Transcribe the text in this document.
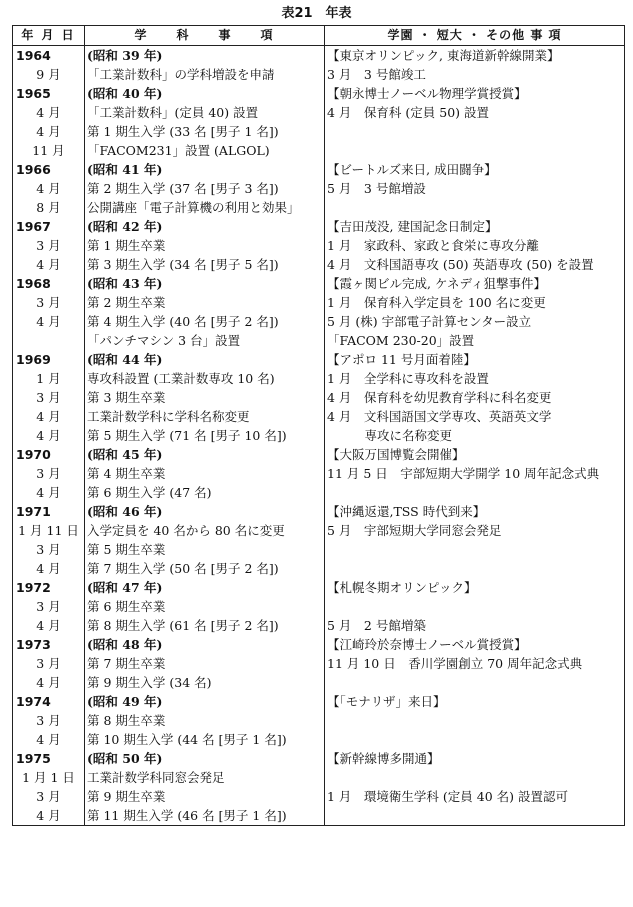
表21　年表
年 月 日	学　　科　　事　　項	学園 ・ 短大 ・ その他 事 項
1964	(昭和 39 年)	【東京オリンピック, 東海道新幹線開業】
9 月	「工業計数科」の学科増設を申請	3 月　3 号館竣工
1965	(昭和 40 年)	【朝永博士ノーベル物理学賞授賞】
4 月	「工業計数科」(定員 40) 設置	4 月　保育科 (定員 50) 設置
4 月	第 1 期生入学 (33 名 [男子 1 名])	
11 月	「FACOM231」設置 (ALGOL)	
1966	(昭和 41 年)	【ビートルズ来日, 成田闘争】
4 月	第 2 期生入学 (37 名 [男子 3 名])	5 月　3 号館増設
8 月	公開講座「電子計算機の利用と効果」	
1967	(昭和 42 年)	【吉田茂没, 建国記念日制定】
3 月	第 1 期生卒業	1 月　家政科、家政と食栄に専攻分離
4 月	第 3 期生入学 (34 名 [男子 5 名])	4 月　文科国語専攻 (50) 英語専攻 (50) を設置
1968	(昭和 43 年)	【霞ヶ関ビル完成, ケネディ狙撃事件】
3 月	第 2 期生卒業	1 月　保育科入学定員を 100 名に変更
4 月	第 4 期生入学 (40 名 [男子 2 名])	5 月 (株) 宇部電子計算センター設立
	「パンチマシン 3 台」設置	「FACOM 230-20」設置
1969	(昭和 44 年)	【アポロ 11 号月面着陸】
1 月	専攻科設置 (工業計数専攻 10 名)	1 月　全学科に専攻科を設置
3 月	第 3 期生卒業	4 月　保育科を幼児教育学科に科名変更
4 月	工業計数学科に学科名称変更	4 月　文科国語国文学専攻、英語英文学
4 月	第 5 期生入学 (71 名 [男子 10 名])	　　　専攻に名称変更
1970	(昭和 45 年)	【大阪万国博覧会開催】
3 月	第 4 期生卒業	11 月 5 日　宇部短期大学開学 10 周年記念式典
4 月	第 6 期生入学 (47 名)	
1971	(昭和 46 年)	【沖縄返還,TSS 時代到来】
1 月 11 日	入学定員を 40 名から 80 名に変更	5 月　宇部短期大学同窓会発足
3 月	第 5 期生卒業	
4 月	第 7 期生入学 (50 名 [男子 2 名])	
1972	(昭和 47 年)	【札幌冬期オリンピック】
3 月	第 6 期生卒業	
4 月	第 8 期生入学 (61 名 [男子 2 名])	5 月　2 号館増築
1973	(昭和 48 年)	【江崎玲於奈博士ノーベル賞授賞】
3 月	第 7 期生卒業	11 月 10 日　香川学園創立 70 周年記念式典
4 月	第 9 期生入学 (34 名)	
1974	(昭和 49 年)	【「モナリザ」来日】
3 月	第 8 期生卒業	
4 月	第 10 期生入学 (44 名 [男子 1 名])	
1975	(昭和 50 年)	【新幹線博多開通】
1 月 1 日	工業計数学科同窓会発足	
3 月	第 9 期生卒業	1 月　環境衛生学科 (定員 40 名) 設置認可
4 月	第 11 期生入学 (46 名 [男子 1 名])	
